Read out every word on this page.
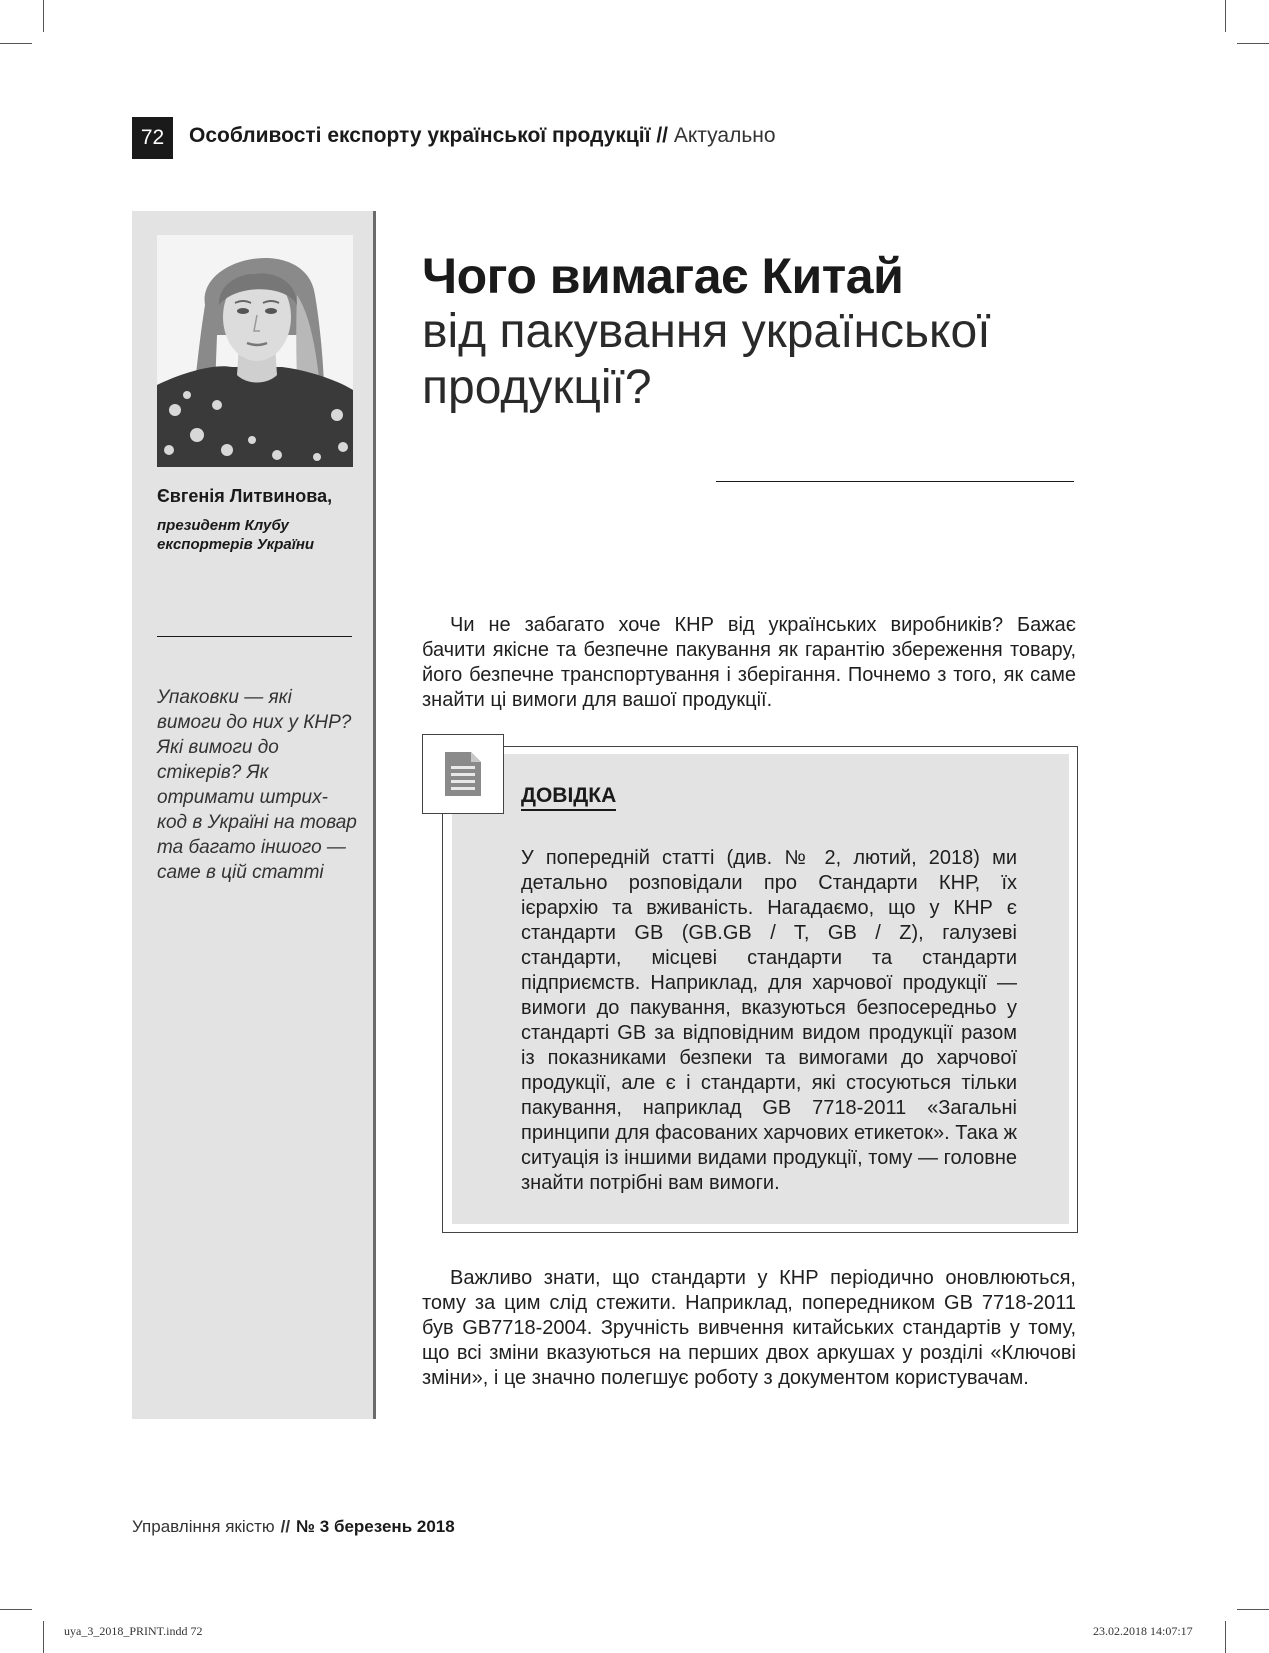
72	Особливості експорту української продукції // Актуально
Євгенія Литвинова,
президент Клубу експортерів України
Упаковки — які вимоги до них у КНР? Які вимоги до стікерів? Як отримати штрих-код в Україні на товар та багато іншого — саме в цій статті
Чого вимагає Китай
від пакування української продукції?
Чи не забагато хоче КНР від українських виробників? Бажає бачити якісне та безпечне пакування як гарантію збереження товару, його безпечне транспортування і зберігання. Почнемо з того, як саме знайти ці вимоги для вашої продукції.
ДОВІДКА
У попередній статті (див. № 2, лютий, 2018) ми детально розповідали про Стандарти КНР, їх ієрархію та вживаність. Нагадаємо, що у КНР є стандарти GB (GB.GB / T, GB / Z), галузеві стандарти, місцеві стандарти та стандарти підприємств. Наприклад, для харчової продукції — вимоги до пакування, вказуються безпосередньо у стандарті GB за відповідним видом продукції разом із показниками безпеки та вимогами до харчової продукції, але є і стандарти, які стосуються тільки пакування, наприклад GB 7718-2011 «Загальні принципи для фасованих харчових етикеток». Така ж ситуація із іншими видами продукції, тому — головне знайти потрібні вам вимоги.
Важливо знати, що стандарти у КНР періодично оновлюються, тому за цим слід стежити. Наприклад, попередником GB 7718-2011 був GB7718-2004. Зручність вивчення китайських стандартів у тому, що всі зміни вказуються на перших двох аркушах у розділі «Ключові зміни», і це значно полегшує роботу з документом користувачам.
Управління якістю // № 3 березень 2018
uya_3_2018_PRINT.indd 72	23.02.2018 14:07:17
